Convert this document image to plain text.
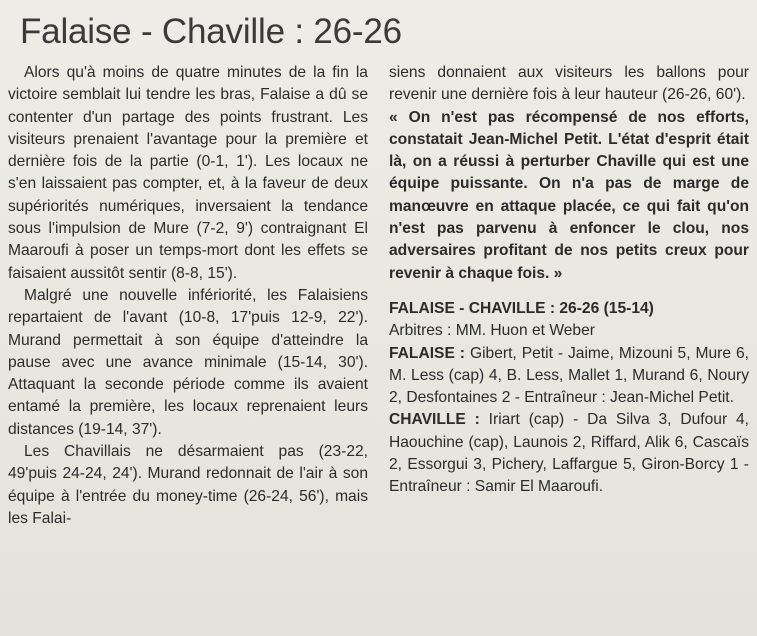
Falaise - Chaville : 26-26

Alors qu'à moins de quatre minutes de la fin la victoire semblait lui tendre les bras, Falaise a dû se contenter d'un partage des points frustrant. Les visiteurs prenaient l'avantage pour la première et dernière fois de la partie (0-1, 1'). Les locaux ne s'en laissaient pas compter, et, à la faveur de deux supériorités numériques, inversaient la tendance sous l'impulsion de Mure (7-2, 9') contraignant El Maaroufi à poser un temps-mort dont les effets se faisaient aussitôt sentir (8-8, 15').

Malgré une nouvelle infériorité, les Falaisiens repartaient de l'avant (10-8, 17'puis 12-9, 22'). Murand permettait à son équipe d'atteindre la pause avec une avance minimale (15-14, 30'). Attaquant la seconde période comme ils avaient entamé la première, les locaux reprenaient leurs distances (19-14, 37').

Les Chavillais ne désarmaient pas (23-22, 49'puis 24-24, 24'). Murand redonnait de l'air à son équipe à l'entrée du money-time (26-24, 56'), mais les Falai-

siens donnaient aux visiteurs les ballons pour revenir une dernière fois à leur hauteur (26-26, 60').

« On n'est pas récompensé de nos efforts, constatait Jean-Michel Petit. L'état d'esprit était là, on a réussi à perturber Chaville qui est une équipe puissante. On n'a pas de marge de manœuvre en attaque placée, ce qui fait qu'on n'est pas parvenu à enfoncer le clou, nos adversaires profitant de nos petits creux pour revenir à chaque fois. »

FALAISE - CHAVILLE : 26-26 (15-14)

Arbitres : MM. Huon et Weber

FALAISE : Gibert, Petit - Jaime, Mizouni 5, Mure 6, M. Less (cap) 4, B. Less, Mallet 1, Murand 6, Noury 2, Desfontaines 2 - Entraîneur : Jean-Michel Petit.

CHAVILLE : Iriart (cap) - Da Silva 3, Dufour 4, Haouchine (cap), Launois 2, Riffard, Alik 6, Cascaïs 2, Essorgui 3, Pichery, Laffargue 5, Giron-Borcy 1 - Entraîneur : Samir El Maaroufi.
